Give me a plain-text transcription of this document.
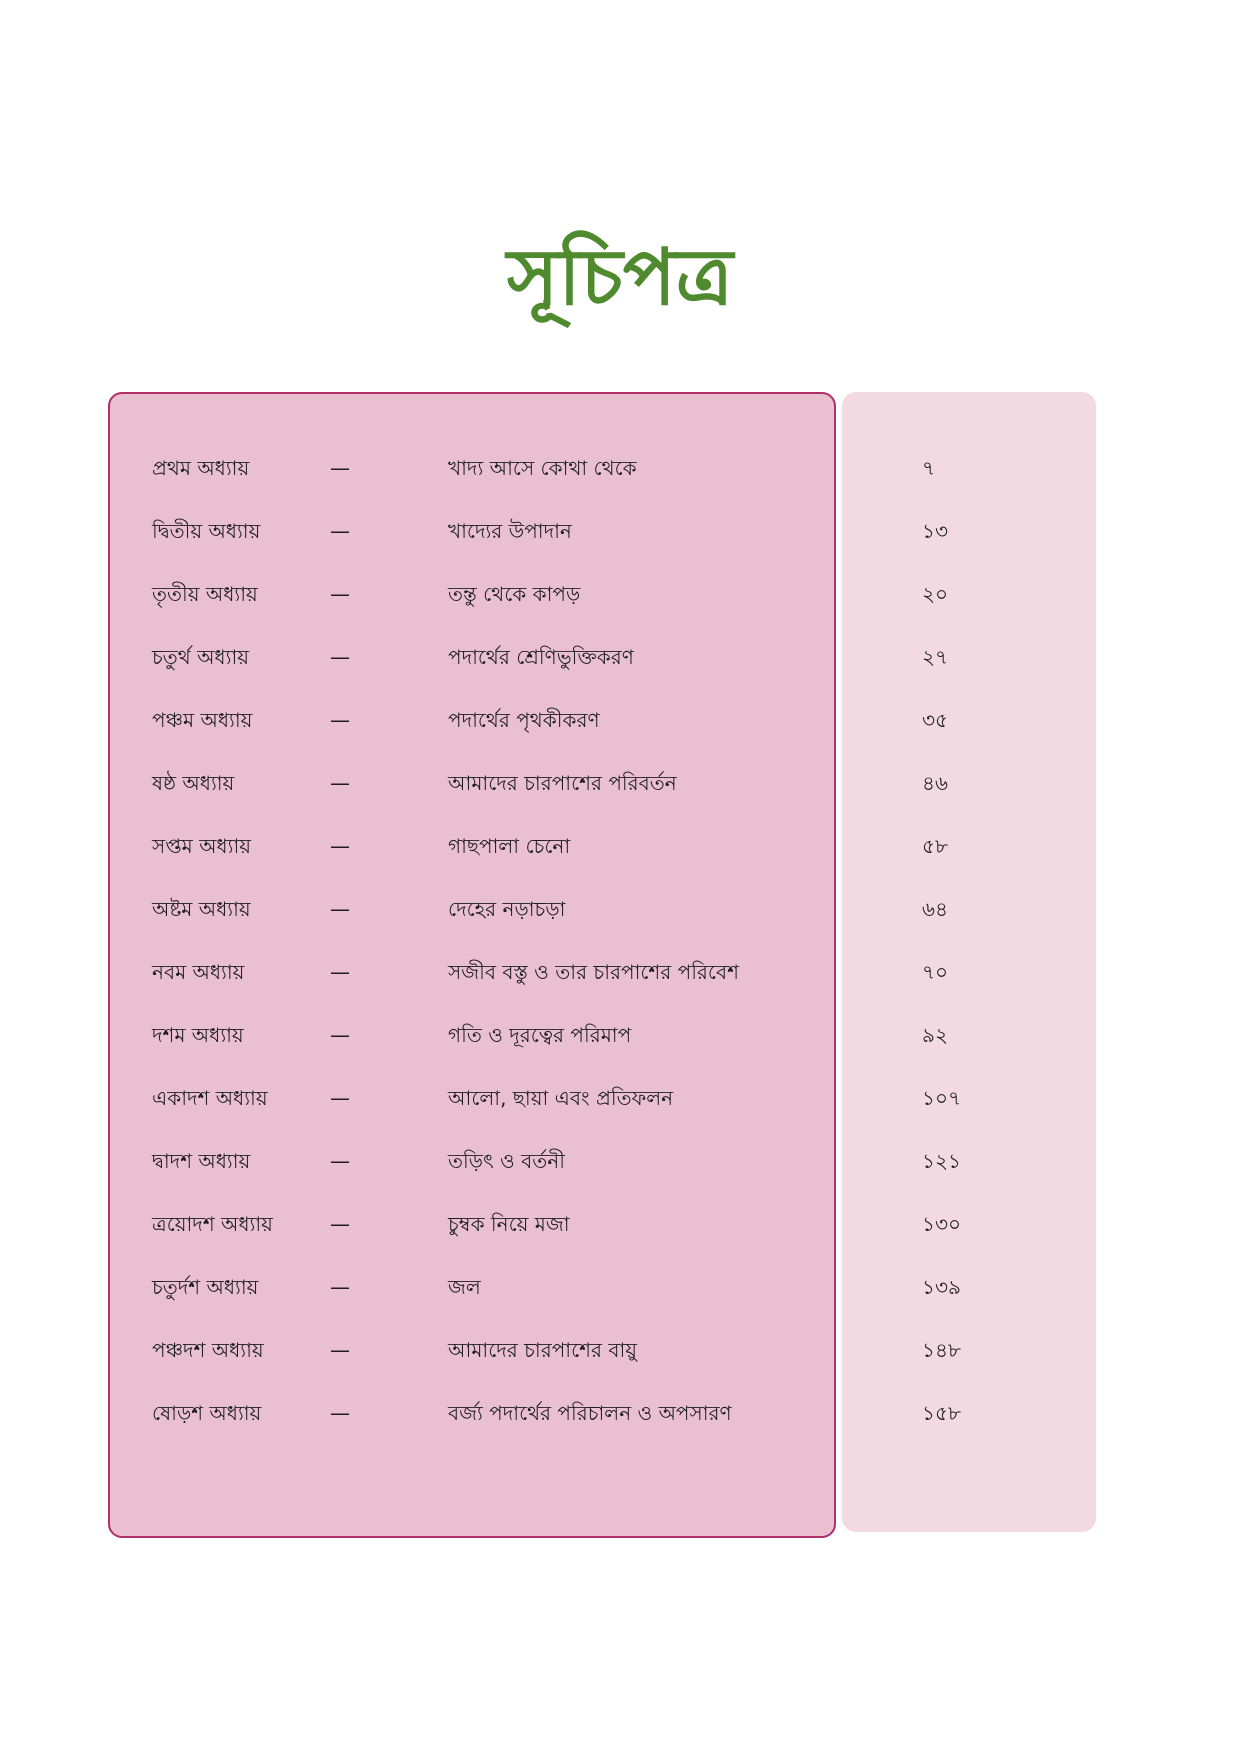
সূচিপত্র
প্রথম অধ্যায়	—	খাদ্য আসে কোথা থেকে	৭
দ্বিতীয় অধ্যায়	—	খাদ্যের উপাদান	১৩
তৃতীয় অধ্যায়	—	তন্তু থেকে কাপড়	২০
চতুর্থ অধ্যায়	—	পদার্থের শ্রেণিভুক্তিকরণ	২৭
পঞ্চম অধ্যায়	—	পদার্থের পৃথকীকরণ	৩৫
ষষ্ঠ অধ্যায়	—	আমাদের চারপাশের পরিবর্তন	৪৬
সপ্তম অধ্যায়	—	গাছপালা চেনো	৫৮
অষ্টম অধ্যায়	—	দেহের নড়াচড়া	৬৪
নবম অধ্যায়	—	সজীব বস্তু ও তার চারপাশের পরিবেশ	৭০
দশম অধ্যায়	—	গতি ও দূরত্বের পরিমাপ	৯২
একাদশ অধ্যায়	—	আলো, ছায়া এবং প্রতিফলন	১০৭
দ্বাদশ অধ্যায়	—	তড়িৎ ও বর্তনী	১২১
ত্রয়োদশ অধ্যায়	—	চুম্বক নিয়ে মজা	১৩০
চতুর্দশ অধ্যায়	—	জল	১৩৯
পঞ্চদশ অধ্যায়	—	আমাদের চারপাশের বায়ু	১৪৮
ষোড়শ অধ্যায়	—	বর্জ্য পদার্থের পরিচালন ও অপসারণ	১৫৮
